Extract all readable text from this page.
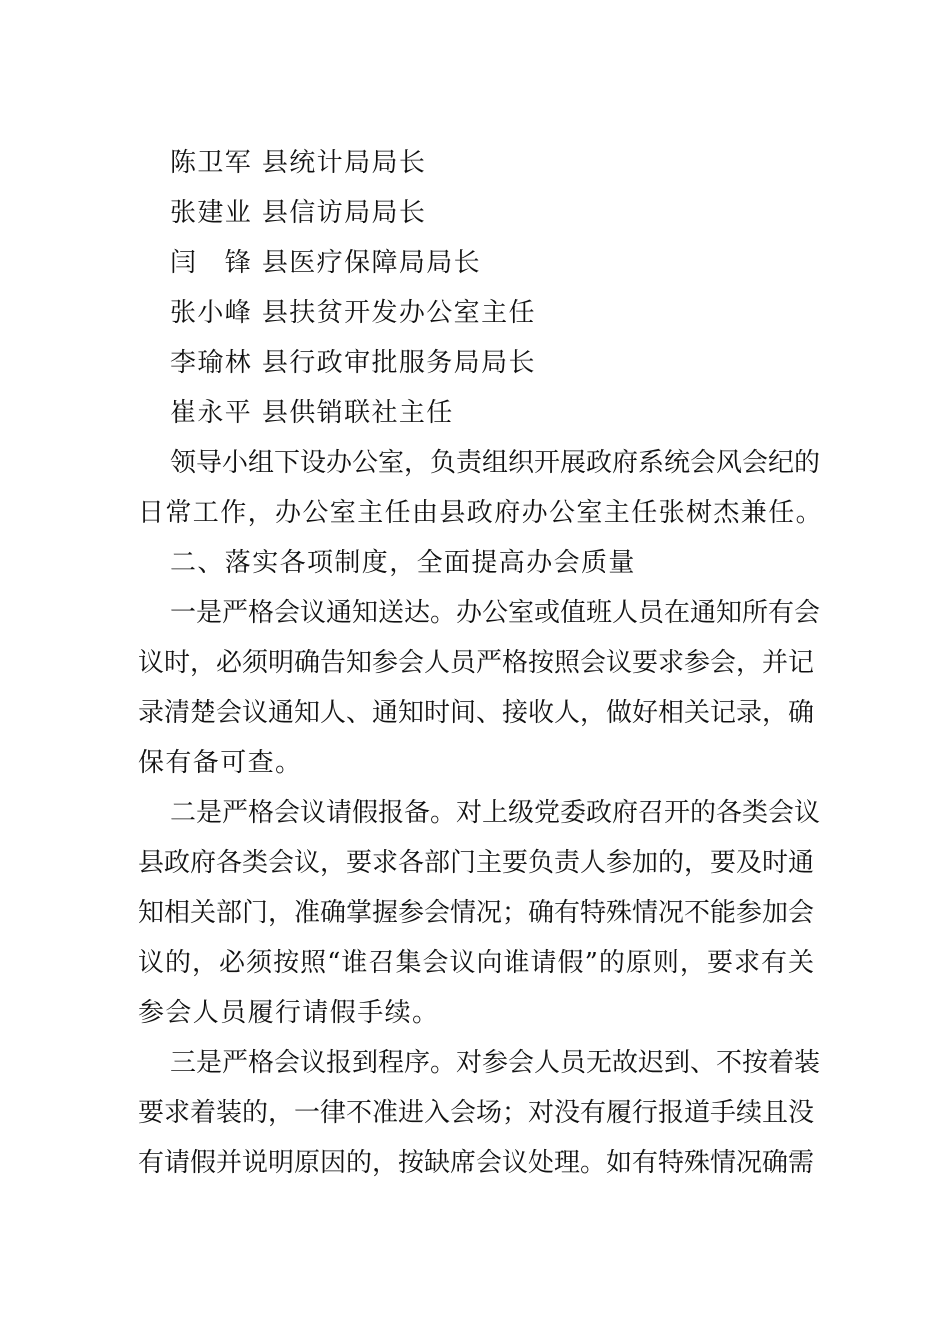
陈卫军 县统计局局长
张建业 县信访局局长
闫　锋 县医疗保障局局长
张小峰 县扶贫开发办公室主任
李瑜林 县行政审批服务局局长
崔永平 县供销联社主任
领导小组下设办公室，负责组织开展政府系统会风会纪的
日常工作，办公室主任由县政府办公室主任张树杰兼任。
二、落实各项制度，全面提高办会质量
一是严格会议通知送达。办公室或值班人员在通知所有会
议时，必须明确告知参会人员严格按照会议要求参会，并记
录清楚会议通知人、通知时间、接收人，做好相关记录，确
保有备可查。
二是严格会议请假报备。对上级党委政府召开的各类会议
县政府各类会议，要求各部门主要负责人参加的，要及时通
知相关部门，准确掌握参会情况；确有特殊情况不能参加会
议的，必须按照“谁召集会议向谁请假”的原则，要求有关
参会人员履行请假手续。
三是严格会议报到程序。对参会人员无故迟到、不按着装
要求着装的，一律不准进入会场；对没有履行报道手续且没
有请假并说明原因的，按缺席会议处理。如有特殊情况确需
